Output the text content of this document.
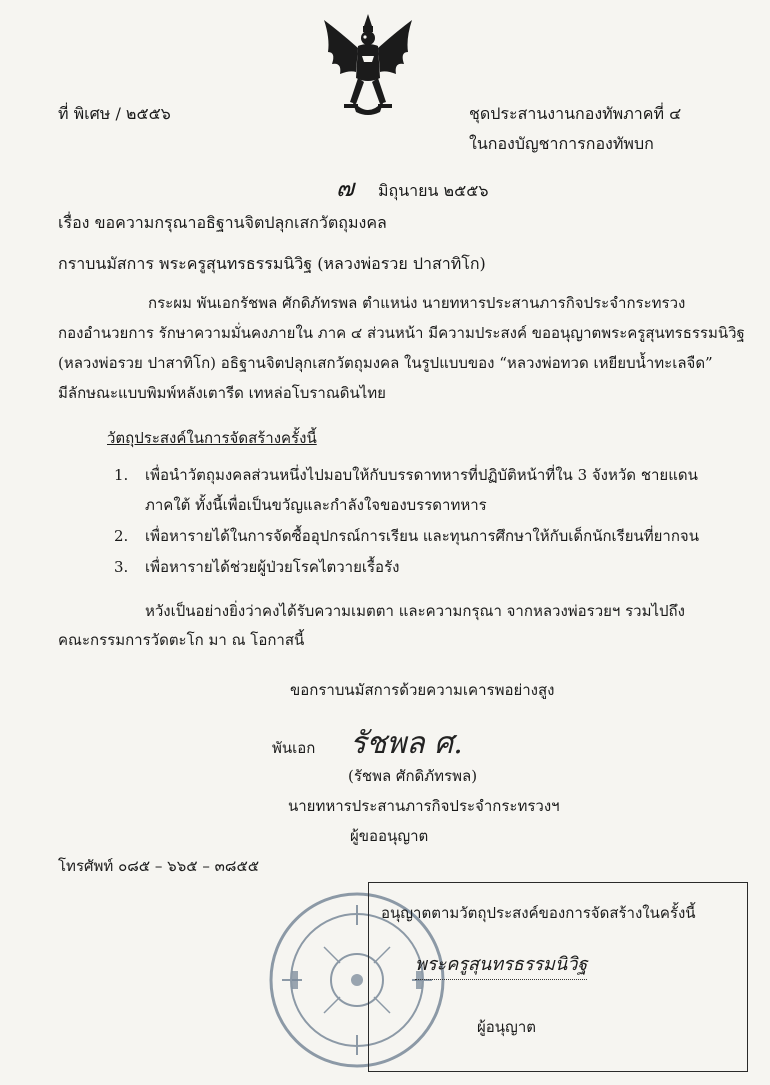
ที่ พิเศษ / ๒๕๕๖	ชุดประสานงานกองทัพภาคที่ ๔
ในกองบัญชาการกองทัพบก
๗ มิถุนายน ๒๕๕๖
เรื่อง ขอความกรุณาอธิฐานจิตปลุกเสกวัตถุมงคล
กราบนมัสการ พระครูสุนทรธรรมนิวิฐ (หลวงพ่อรวย ปาสาทิโก)
กระผม พันเอกรัชพล ศักดิภัทรพล ตำแหน่ง นายทหารประสานภารกิจประจำกระทรวง
กองอำนวยการ รักษาความมั่นคงภายใน ภาค ๔ ส่วนหน้า มีความประสงค์ ขออนุญาตพระครูสุนทรธรรมนิวิฐ
(หลวงพ่อรวย ปาสาทิโก) อธิฐานจิตปลุกเสกวัตถุมงคล ในรูปแบบของ “หลวงพ่อทวด เหยียบน้ำทะเลจืด”
มีลักษณะแบบพิมพ์หลังเตารีด เทหล่อโบราณดินไทย
วัตถุประสงค์ในการจัดสร้างครั้งนี้
1. เพื่อนำวัตถุมงคลส่วนหนึ่งไปมอบให้กับบรรดาทหารที่ปฏิบัติหน้าที่ใน 3 จังหวัด ชายแดน
ภาคใต้ ทั้งนี้เพื่อเป็นขวัญและกำลังใจของบรรดาทหาร
2. เพื่อหารายได้ในการจัดซื้ออุปกรณ์การเรียน และทุนการศึกษาให้กับเด็กนักเรียนที่ยากจน
3. เพื่อหารายได้ช่วยผู้ป่วยโรคไตวายเรื้อรัง
หวังเป็นอย่างยิ่งว่าคงได้รับความเมตตา และความกรุณา จากหลวงพ่อรวยฯ รวมไปถึง
คณะกรรมการวัดตะโก มา ณ โอกาสนี้
ขอกราบนมัสการด้วยความเคารพอย่างสูง
พันเอก รัชพล ศ.
(รัชพล ศักดิภัทรพล)
นายทหารประสานภารกิจประจำกระทรวงฯ
ผู้ขออนุญาต
โทรศัพท์ ๐๘๕ – ๖๖๕ – ๓๘๕๕
อนุญาตตามวัตถุประสงค์ของการจัดสร้างในครั้งนี้
พระครูสุนทรธรรมนิวิฐ
ผู้อนุญาต
